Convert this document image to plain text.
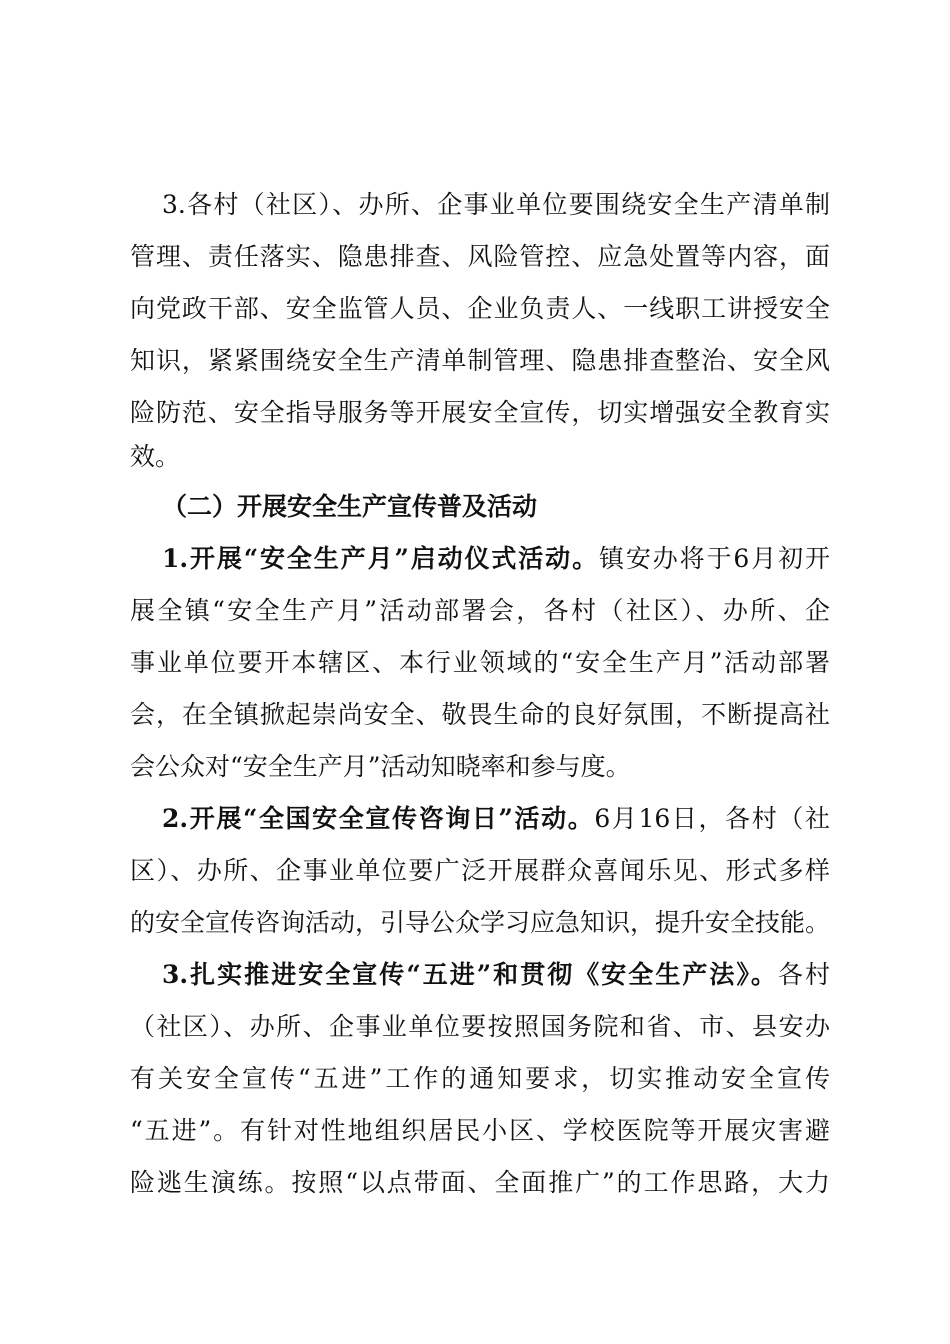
3.各村（社区）、办所、企事业单位要围绕安全生产清单制
管理、责任落实、隐患排查、风险管控、应急处置等内容，面
向党政干部、安全监管人员、企业负责人、一线职工讲授安全
知识，紧紧围绕安全生产清单制管理、隐患排查整治、安全风
险防范、安全指导服务等开展安全宣传，切实增强安全教育实
效。
（二）开展安全生产宣传普及活动
1.开展“安全生产月”启动仪式活动。镇安办将于6月初开
展全镇“安全生产月”活动部署会，各村（社区）、办所、企
事业单位要开本辖区、本行业领域的“安全生产月”活动部署
会，在全镇掀起崇尚安全、敬畏生命的良好氛围，不断提高社
会公众对“安全生产月”活动知晓率和参与度。
2.开展“全国安全宣传咨询日”活动。6月16日，各村（社
区）、办所、企事业单位要广泛开展群众喜闻乐见、形式多样
的安全宣传咨询活动，引导公众学习应急知识，提升安全技能。
3.扎实推进安全宣传“五进”和贯彻《安全生产法》。各村
（社区）、办所、企事业单位要按照国务院和省、市、县安办
有关安全宣传“五进”工作的通知要求，切实推动安全宣传
“五进”。有针对性地组织居民小区、学校医院等开展灾害避
险逃生演练。按照“以点带面、全面推广”的工作思路，大力
